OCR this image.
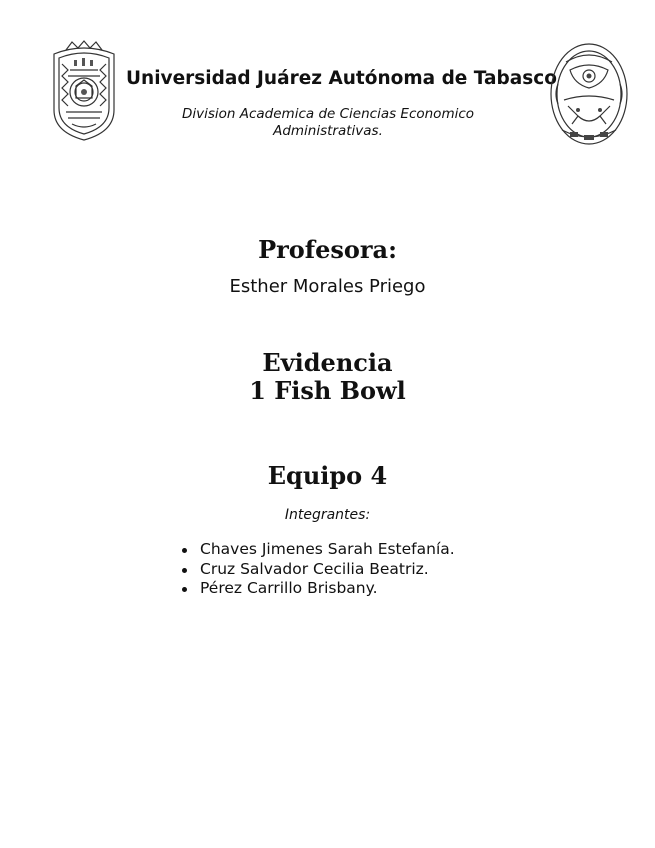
Universidad Juárez Autónoma de Tabasco
Division Academica de Ciencias Economico
Administrativas.
Profesora:
Esther Morales Priego
Evidencia
1 Fish Bowl
Equipo 4
Integrantes:
Chaves Jimenes Sarah Estefanía.
Cruz Salvador Cecilia Beatriz.
Pérez Carrillo Brisbany.
